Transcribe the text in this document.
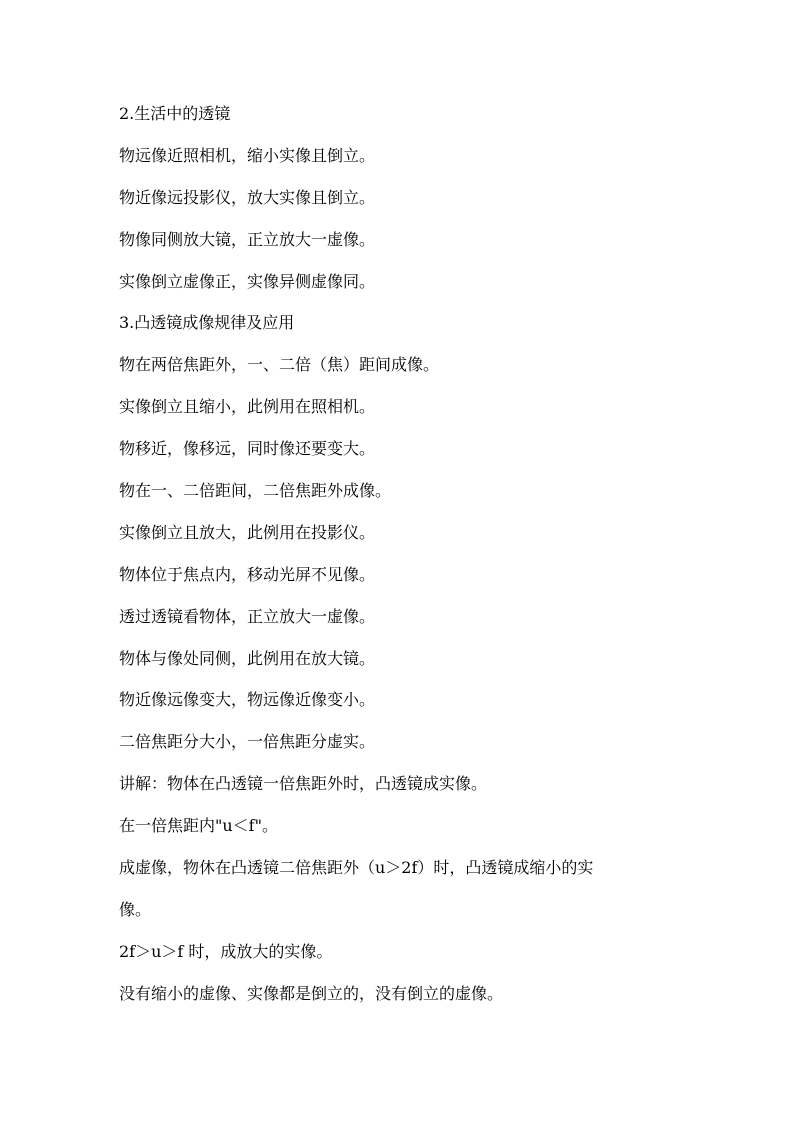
2.生活中的透镜
物远像近照相机，缩小实像且倒立。
物近像远投影仪，放大实像且倒立。
物像同侧放大镜，正立放大一虚像。
实像倒立虚像正，实像异侧虚像同。
3.凸透镜成像规律及应用
物在两倍焦距外，一、二倍（焦）距间成像。
实像倒立且缩小，此例用在照相机。
物移近，像移远，同时像还要变大。
物在一、二倍距间，二倍焦距外成像。
实像倒立且放大，此例用在投影仪。
物体位于焦点内，移动光屏不见像。
透过透镜看物体，正立放大一虚像。
物体与像处同侧，此例用在放大镜。
物近像远像变大，物远像近像变小。
二倍焦距分大小，一倍焦距分虚实。
讲解：物体在凸透镜一倍焦距外时，凸透镜成实像。
在一倍焦距内"u＜f"。
成虚像，物休在凸透镜二倍焦距外（u＞2f）时，凸透镜成缩小的实
像。
2f＞u＞f 时，成放大的实像。
没有缩小的虚像、实像都是倒立的，没有倒立的虚像。
